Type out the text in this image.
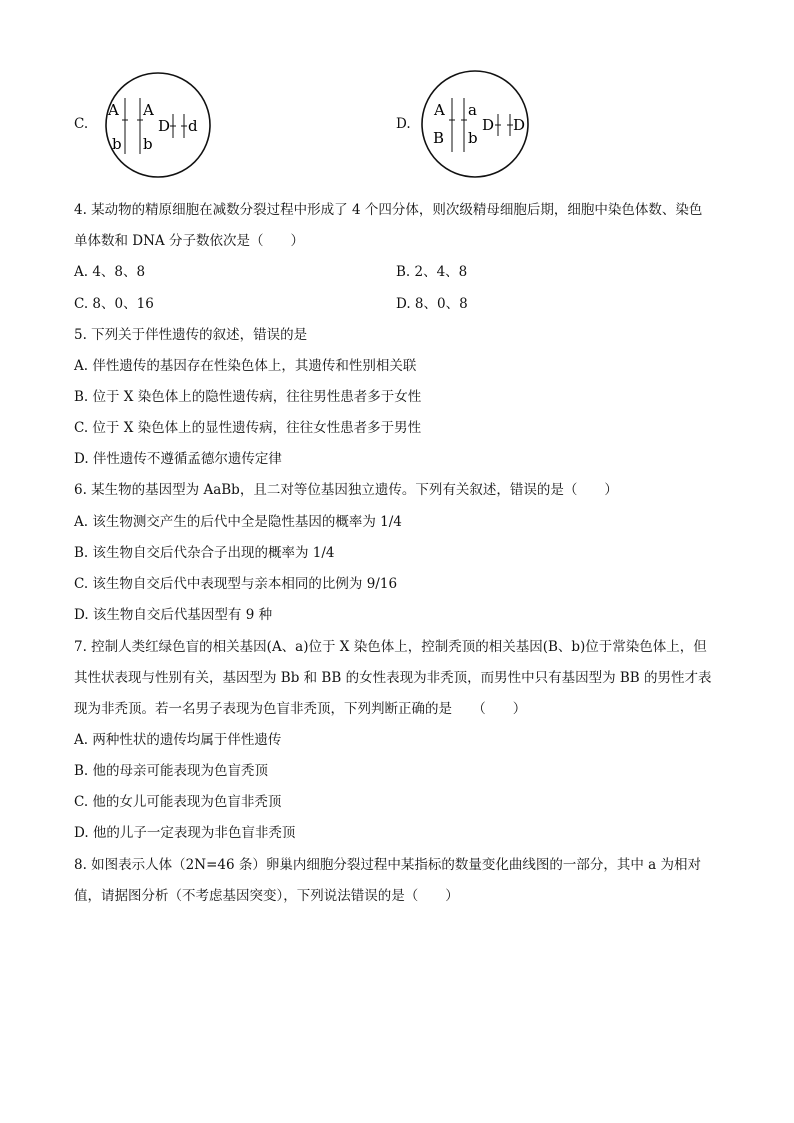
C.
A A
b b
D d	D.
A a
B b
D D
4. 某动物的精原细胞在减数分裂过程中形成了 4 个四分体，则次级精母细胞后期，细胞中染色体数、染色
单体数和 DNA 分子数依次是（　　）
A. 4、8、8	B. 2、4、8
C. 8、0、16	D. 8、0、8
5. 下列关于伴性遗传的叙述，错误的是
A. 伴性遗传的基因存在性染色体上，其遗传和性别相关联
B. 位于 X 染色体上的隐性遗传病，往往男性患者多于女性
C. 位于 X 染色体上的显性遗传病，往往女性患者多于男性
D. 伴性遗传不遵循孟德尔遗传定律
6. 某生物的基因型为 AaBb，且二对等位基因独立遗传。下列有关叙述，错误的是（　　）
A. 该生物测交产生的后代中全是隐性基因的概率为 1/4
B. 该生物自交后代杂合子出现的概率为 1/4
C. 该生物自交后代中表现型与亲本相同的比例为 9/16
D. 该生物自交后代基因型有 9 种
7. 控制人类红绿色盲的相关基因(A、a)位于 X 染色体上，控制秃顶的相关基因(B、b)位于常染色体上，但
其性状表现与性别有关，基因型为 Bb 和 BB 的女性表现为非秃顶，而男性中只有基因型为 BB 的男性才表
现为非秃顶。若一名男子表现为色盲非秃顶，下列判断正确的是　　（　　）
A. 两种性状的遗传均属于伴性遗传
B. 他的母亲可能表现为色盲秃顶
C. 他的女儿可能表现为色盲非秃顶
D. 他的儿子一定表现为非色盲非秃顶
8. 如图表示人体（2N=46 条）卵巢内细胞分裂过程中某指标的数量变化曲线图的一部分，其中 a 为相对
值，请据图分析（不考虑基因突变），下列说法错误的是（　　）
